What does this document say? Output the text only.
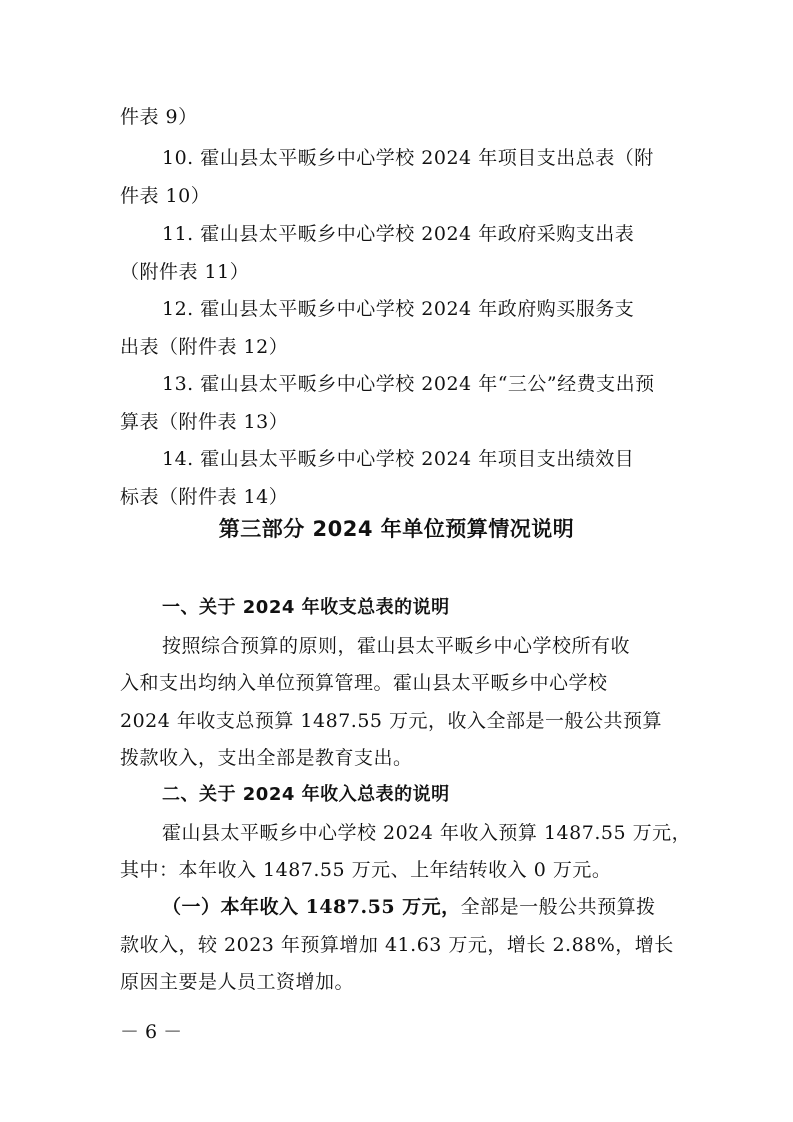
件表 9）
10. 霍山县太平畈乡中心学校 2024 年项目支出总表（附
件表 10）
11. 霍山县太平畈乡中心学校 2024 年政府采购支出表
（附件表 11）
12. 霍山县太平畈乡中心学校 2024 年政府购买服务支
出表（附件表 12）
13. 霍山县太平畈乡中心学校 2024 年“三公”经费支出预
算表（附件表 13）
14. 霍山县太平畈乡中心学校 2024 年项目支出绩效目
标表（附件表 14）
第三部分 2024 年单位预算情况说明
一、关于 2024 年收支总表的说明
按照综合预算的原则，霍山县太平畈乡中心学校所有收
入和支出均纳入单位预算管理。霍山县太平畈乡中心学校
2024 年收支总预算 1487.55 万元，收入全部是一般公共预算
拨款收入，支出全部是教育支出。
二、关于 2024 年收入总表的说明
霍山县太平畈乡中心学校 2024 年收入预算 1487.55 万元，
其中：本年收入 1487.55 万元、上年结转收入 0 万元。
（一）本年收入 1487.55 万元，全部是一般公共预算拨
款收入，较 2023 年预算增加 41.63 万元，增长 2.88%，增长
原因主要是人员工资增加。
－ 6 －
